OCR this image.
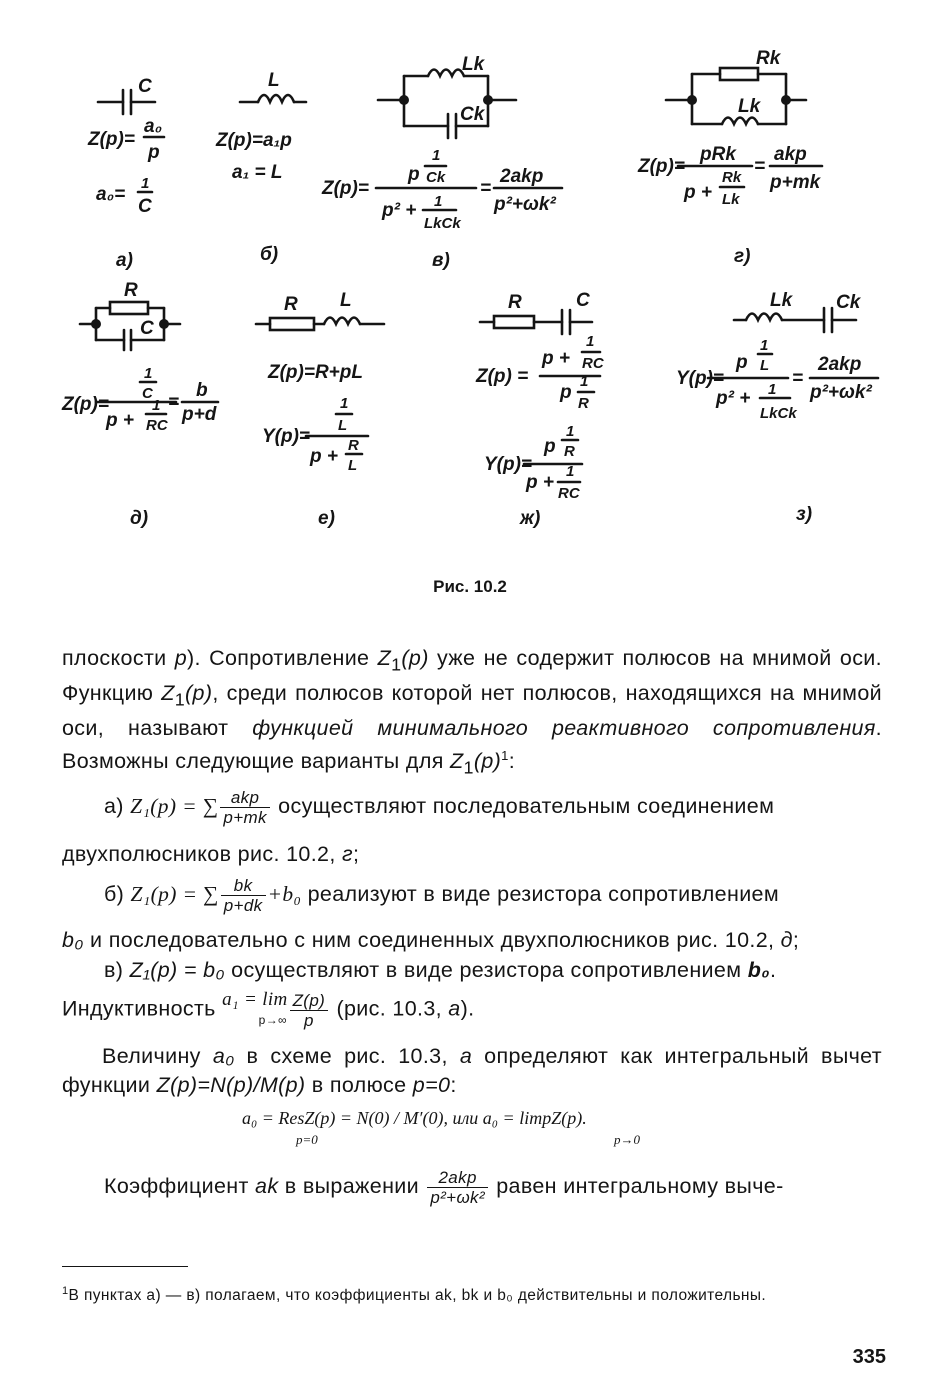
C
Z(p)=
a₀
p
a₀=
1
C
а)
L
Z(p)=a₁p
a₁ = L
б)
Lk
Ck
Z(p)=
p
1
Ck
p² + 1
LkCk
=
2akp
p²+ωk²
в)
Rk
Lk
Z(p)=
pRk
p +
Rk
Lk
=
akp
p+mk
г)
R
C
Z(p)=
1
C
p +
1
RC
=
b
p+d
д)
R L
Z(p)=R+pL
Y(p)=
1
L
p +
R
L
е)
R	C
Z(p) =
p +
1
RC
p
1
R
Y(p)=
p
1
R
p +
1
RC
ж)
Lk Ck
Y(p)=
p
1
L
p² + 1
LkCk
=
2akp
p²+ωk²
з)
Рис. 10.2
плоскости p). Сопротивление $Z_1(p)$ уже не содержит полюсов на мнимой оси. Функцию $Z_1(p)$, среди полюсов которой нет полюсов, находящихся на мнимой оси, называют функцией минимального реактивного сопротивления. Возможны следующие варианты для $Z_1(p)^1$:
а) Z₁(p) = ∑ $\frac{\text{akp}}{p+mk}$ осуществляют последовательным соединением
двухполюсников рис. 10.2, г;
б) Z₁(p) = ∑ $\frac{bk}{p+dk} +b_0$ реализуют в виде резистора сопротивлением
b₀ и последовательно с ним соединенных двухполюсников рис. 10.2, д;
в) Z₁(p) = b₀ осуществляют в виде резистора сопротивлением b₀.
Индуктивность a₁ = lim
$p\to\infty \frac{Z(p)}{p} (рис$. 10.3, а).
Величину a₀ в схеме рис. 10.3, а определяют как интегральный вычет функции Z(p)=N(p)/M(p) в полюсе p=0:
a₀ = ResZ(p) = N(0) / M′(0), или a₀ = limpZ(p).
p=0	p→0
Коэффициент ak в выражении $\frac{\text{2akp}}{\text{p²+ωk²}}$ равен интегральному выче-
$^1$В пунктах а) — в) полагаем, что коэффициенты ak, bk и b₀ действительны и положительны.
335
